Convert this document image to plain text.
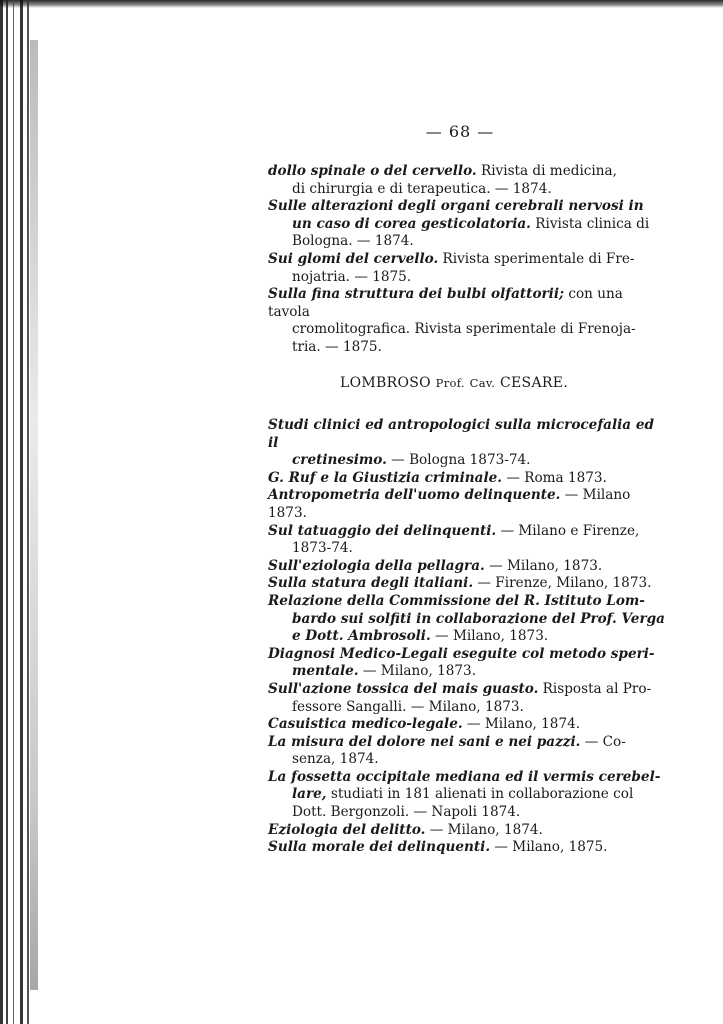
— 68 —

dollo spinale o del cervello. Rivista di medicina,
di chirurgia e di terapeutica. — 1874.

Sulle alterazioni degli organi cerebrali nervosi in
un caso di corea gesticolatoria. Rivista clinica di
Bologna. — 1874.

Sui glomi del cervello. Rivista sperimentale di Fre-
nojatria. — 1875.

Sulla fina struttura dei bulbi olfattorii; con una tavola
cromolitografica. Rivista sperimentale di Frenoja-
tria. — 1875.

LOMBROSO Prof. Cav. CESARE.

Studi clinici ed antropologici sulla microcefalia ed il
cretinesimo. — Bologna 1873-74.

G. Ruf e la Giustizia criminale. — Roma 1873.

Antropometria dell'uomo delinquente. — Milano 1873.

Sul tatuaggio dei delinquenti. — Milano e Firenze,
1873-74.

Sull'eziologia della pellagra. — Milano, 1873.

Sulla statura degli italiani. — Firenze, Milano, 1873.

Relazione della Commissione del R. Istituto Lom-
bardo sui solfiti in collaborazione del Prof. Verga
e Dott. Ambrosoli. — Milano, 1873.

Diagnosi Medico-Legali eseguite col metodo speri-
mentale. — Milano, 1873.

Sull'azione tossica del mais guasto. Risposta al Pro-
fessore Sangalli. — Milano, 1873.

Casuistica medico-legale. — Milano, 1874.

La misura del dolore nei sani e nei pazzi. — Co-
senza, 1874.

La fossetta occipitale mediana ed il vermis cerebel-
lare, studiati in 181 alienati in collaborazione col
Dott. Bergonzoli. — Napoli 1874.

Eziologia del delitto. — Milano, 1874.

Sulla morale dei delinquenti. — Milano, 1875.
